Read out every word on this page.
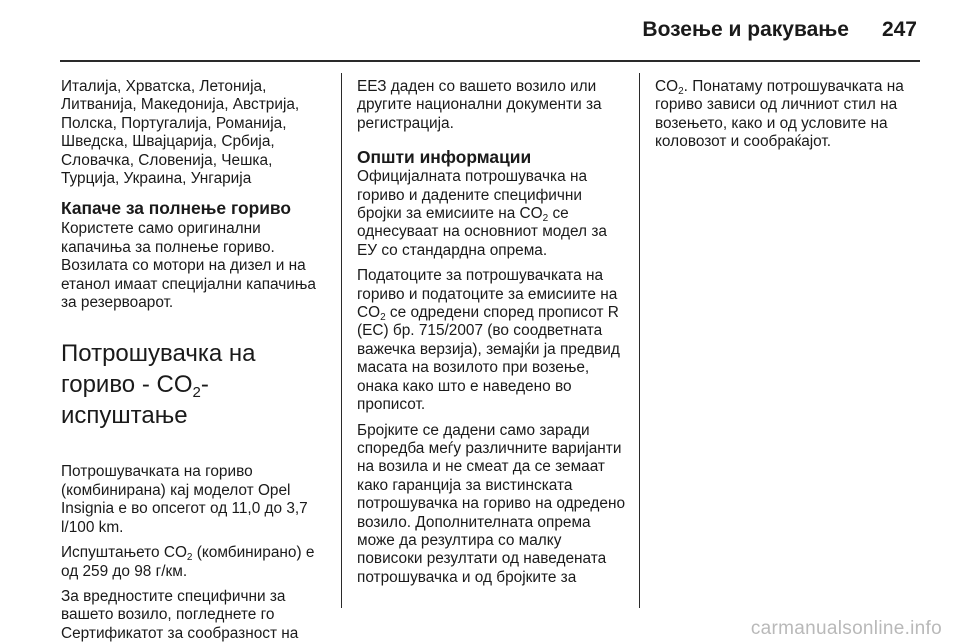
Возење и ракување 247

Италија, Хрватска, Летонија, Литванија, Македонија, Австрија, Полска, Португалија, Романија, Шведска, Швајцарија, Србија, Словачка, Словенија, Чешка, Турција, Украина, Унгарија

Капаче за полнење гориво

Користете само оригинални капачиња за полнење гориво. Возилата со мотори на дизел и на етанол имаат специјални капачиња за резервоарот.

Потрошувачка на
гориво - $CO_2$-испуштање

Потрошувачката на гориво (комбинирана) кај моделот Opel Insignia е во опсегот од 11,0 до 3,7 l/100 km.

Испуштањето $CO_2$ (комбинирано) е од 259 до 98 г/км.

За вредностите специфични за вашето возило, погледнете го Сертификатот за сообразност на

ЕЕЗ даден со вашето возило или другите национални документи за регистрација.

Општи информации

Официјалната потрошувачка на гориво и дадените специфични бројки за емисиите на $CO_2$ се однесуваат на основниот модел за ЕУ со стандардна опрема.

Податоците за потрошувачката на гориво и податоците за емисиите на $CO_2$ се одредени според прописот R (ЕС) бр. 715/2007 (во соодветната важечка верзија), земајќи ја предвид масата на возилото при возење, онака како што е наведено во прописот.

Бројките се дадени само заради споредба меѓу различните варијанти на возила и не смеат да се земаат како гаранција за вистинската потрошувачка на гориво на одредено возило. Дополнителната опрема може да резултира со малку повисоки резултати од наведената потрошувачка и од бројките за

$CO_2$. Понатаму потрошувачката на гориво зависи од личниот стил на возењето, како и од условите на коловозот и сообраќајот.

carmanualsonline.info
